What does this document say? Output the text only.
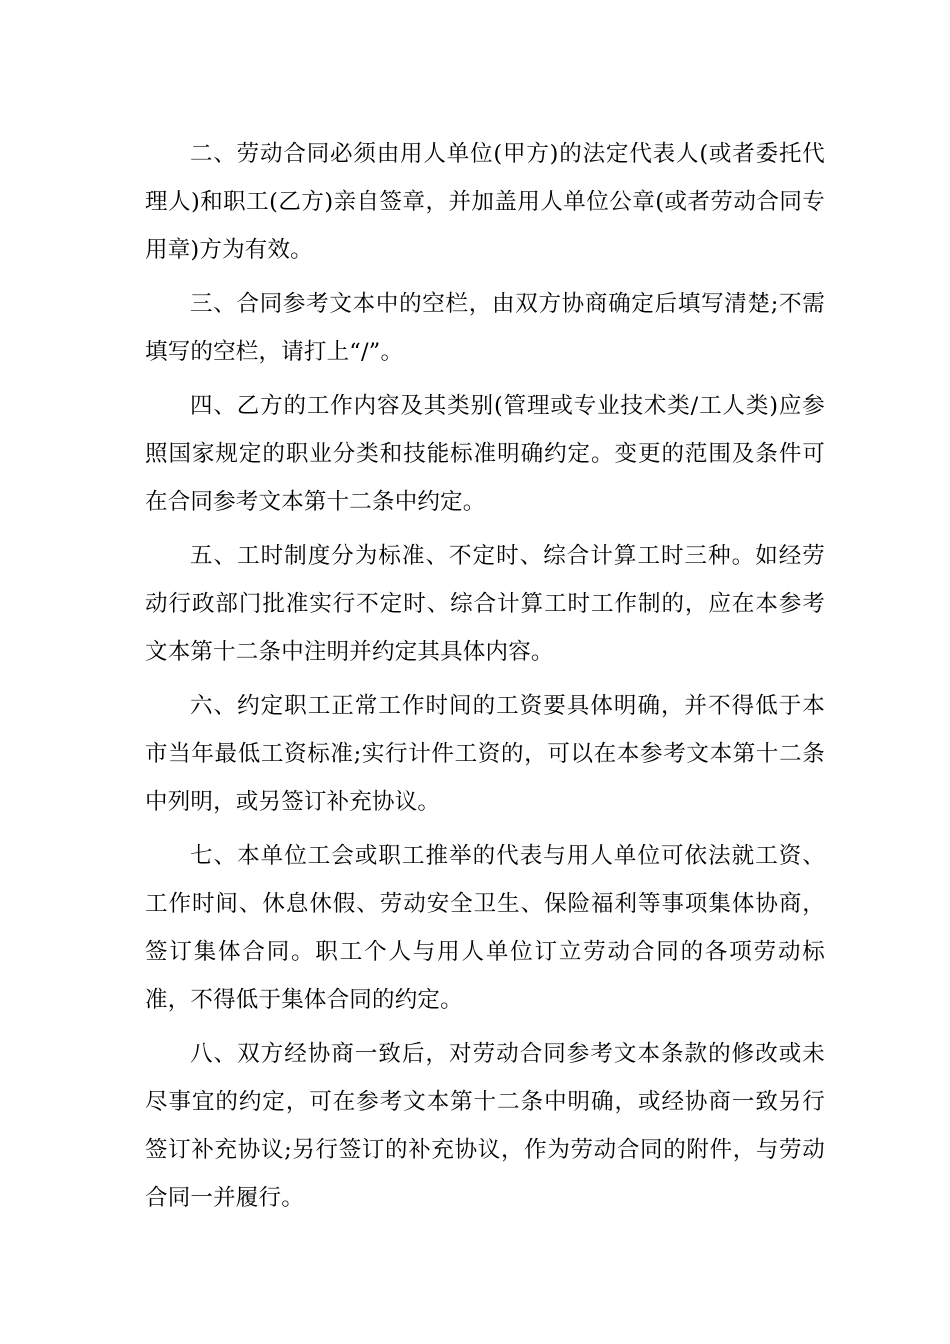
二、劳动合同必须由用人单位(甲方)的法定代表人(或者委托代理人)和职工(乙方)亲自签章，并加盖用人单位公章(或者劳动合同专用章)方为有效。

三、合同参考文本中的空栏，由双方协商确定后填写清楚;不需填写的空栏，请打上“/”。

四、乙方的工作内容及其类别(管理或专业技术类/工人类)应参照国家规定的职业分类和技能标准明确约定。变更的范围及条件可在合同参考文本第十二条中约定。

五、工时制度分为标准、不定时、综合计算工时三种。如经劳动行政部门批准实行不定时、综合计算工时工作制的，应在本参考文本第十二条中注明并约定其具体内容。

六、约定职工正常工作时间的工资要具体明确，并不得低于本市当年最低工资标准;实行计件工资的，可以在本参考文本第十二条中列明，或另签订补充协议。

七、本单位工会或职工推举的代表与用人单位可依法就工资、工作时间、休息休假、劳动安全卫生、保险福利等事项集体协商，签订集体合同。职工个人与用人单位订立劳动合同的各项劳动标准，不得低于集体合同的约定。

八、双方经协商一致后，对劳动合同参考文本条款的修改或未尽事宜的约定，可在参考文本第十二条中明确，或经协商一致另行签订补充协议;另行签订的补充协议，作为劳动合同的附件，与劳动合同一并履行。
